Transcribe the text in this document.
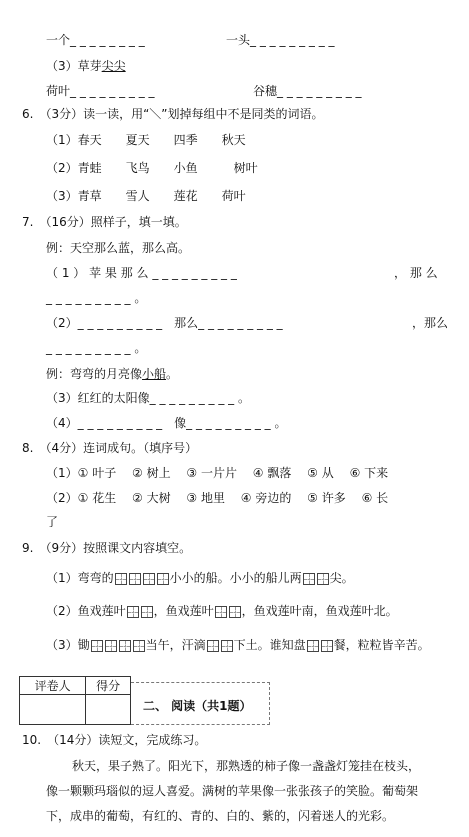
一个_ _ _ _ _ _ _ _	一头_ _ _ _ _ _ _ _ _
（3）草芽尖尖
荷叶_ _ _ _ _ _ _ _ _	谷穗_ _ _ _ _ _ _ _ _
6.　（3分）读一读，用“＼”划掉每组中不是同类的词语。
（1）春天　　夏天　　四季　　秋天
（2）青蛙　　飞鸟　　小鱼　　　树叶
（3）青草　　雪人　　莲花　　荷叶
7.　（16分）照样子，填一填。
例：天空那么蓝，那么高。
（ 1 ） 苹 果 那 么 _ _ _ _ _ _ _ _ _	， 那 么
_ _ _ _ _ _ _ _ _ 。
（2）_ _ _ _ _ _ _ _ _　那么_ _ _ _ _ _ _ _ _	，那么
_ _ _ _ _ _ _ _ _ 。
例：弯弯的月亮像小船。
（3）红红的太阳像_ _ _ _ _ _ _ _ _ 。
（4）_ _ _ _ _ _ _ _ _　像_ _ _ _ _ _ _ _ _ 。
8.　（4分）连词成句。（填序号）
（1）① 叶子　 ② 树上　 ③ 一片片　 ④ 飘落　 ⑤ 从　 ⑥ 下来
（2）① 花生　 ② 大树　 ③ 地里　 ④ 旁边的　 ⑤ 许多　 ⑥ 长
了
9.　（9分）按照课文内容填空。
（1）弯弯的	小小的船。小小的船儿两 尖。
（2）鱼戏莲叶 ，鱼戏莲叶 ，鱼戏莲叶南，鱼戏莲叶北。
（3）锄	当午，汗滴 下土。谁知盘 餐，粒粒皆辛苦。
评卷人	得分

二、 阅读（共1题）
10.　（14分）读短文，完成练习。
秋天，果子熟了。阳光下，那熟透的柿子像一盏盏灯笼挂在枝头，
像一颗颗玛瑙似的逗人喜爱。满树的苹果像一张张孩子的笑脸。葡萄架
下，成串的葡萄，有红的、青的、白的、紫的，闪着迷人的光彩。
